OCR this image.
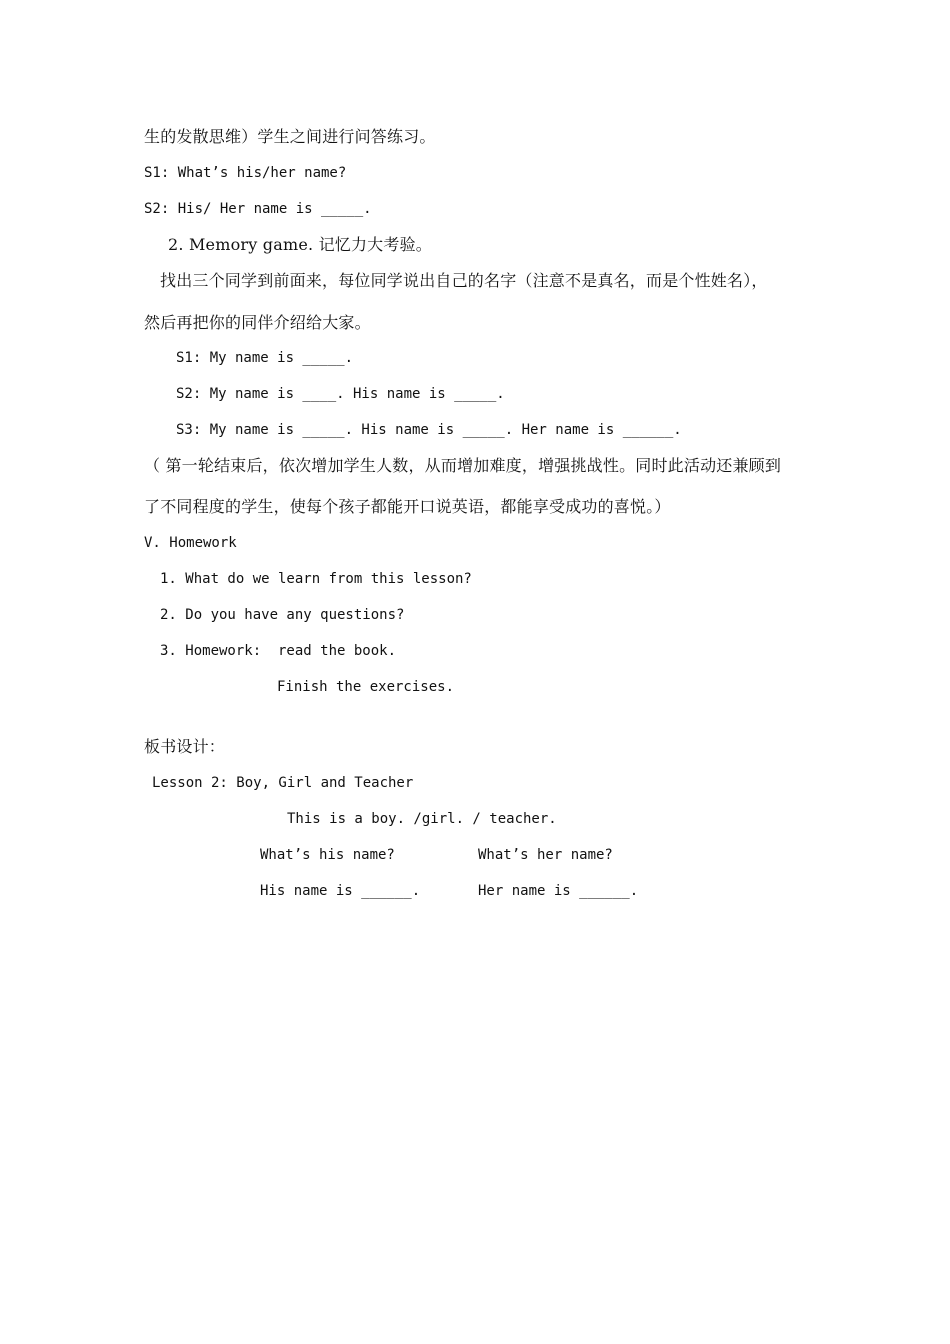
生的发散思维）学生之间进行问答练习。
S1: What’s his/her name?
S2: His/ Her name is _____.
2. Memory game. 记忆力大考验。
找出三个同学到前面来，每位同学说出自己的名字（注意不是真名，而是个性姓名），
然后再把你的同伴介绍给大家。
S1: My name is _____.
S2: My name is ____. His name is _____.
S3: My name is _____. His name is _____. Her name is ______.
（ 第一轮结束后，依次增加学生人数，从而增加难度，增强挑战性。同时此活动还兼顾到
了不同程度的学生，使每个孩子都能开口说英语，都能享受成功的喜悦。）
V. Homework
1. What do we learn from this lesson?
2. Do you have any questions?
3. Homework:  read the book.
Finish the exercises.
板书设计：
Lesson 2: Boy, Girl and Teacher
This is a boy. /girl. / teacher.
What’s his name?	What’s her name?
His name is ______.	Her name is ______.
